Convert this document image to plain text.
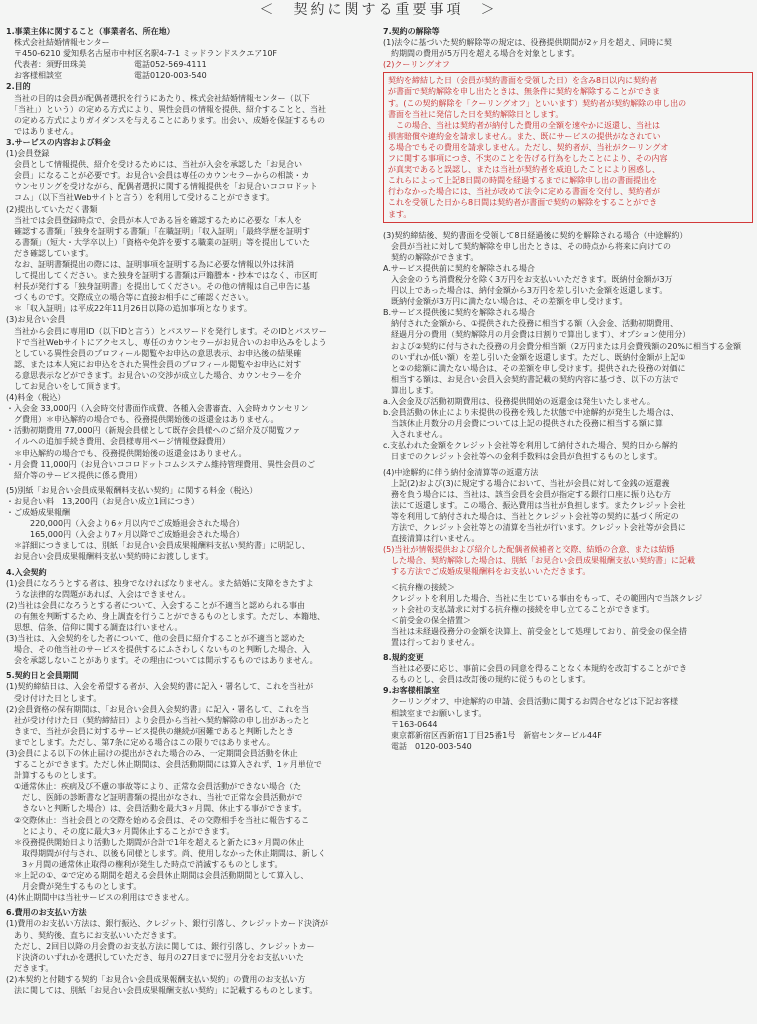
＜　契約に関する重要事項　＞
1.事業主体に関すること（事業者名、所在地）
　株式会社結婚情報センター
　〒450-6210 愛知県名古屋市中村区名駅4-7-1 ミッドランドスクエア10F
　代表者：須野田珠美　　　　　　電話052-569-4111
　お客様相談室　　　　　　　　　電話0120-003-540
2.目的
　当社の目的は会員が配偶者選択を行うにあたり、株式会社結婚情報センター（以下
　「当社」）という）の定める方式により、異性会員の情報を提供、紹介することと、当社
　の定める方式によりガイダンスを与えることにあります。出会い、成婚を保証するもの
　ではありません。
3.サービスの内容および料金
(1)会員登録
　会員として情報提供、紹介を受けるためには、当社が入会を承認した「お見合い
　会員」になることが必要です。お見合い会員は専任のカウンセラーからの相談・カ
　ウンセリングを受けながら、配偶者選択に関する情報提供を「お見合いココロドット
　コム」（以下当社Webサイトと言う）を利用して受けることができます。
(2)提出していただく書類
　当社では会員登録時点で、会員が本人である旨を確認するために必要な「本人を
　確認する書類」「独身を証明する書類」「在職証明」「収入証明」「最終学歴を証明す
　る書類」（短大・大学卒以上）「資格や免許を要する職業の証明」等を提出していた
　だき確認しています。
　なお、証明書類提出の際には、証明事項を証明する為に必要な情報以外は抹消
　して提出してください。また独身を証明する書類は戸籍謄本・抄本ではなく、市区町
　村長が発行する「独身証明書」を提出してください。その他の情報は自己申告に基
　づくものです。交際成立の場合等に直接お相手にご確認ください。
　＊「収入証明」は平成22年11月26日以降の追加事項となります。
(3)お見合い会員
　当社から会員に専用ID（以下IDと言う）とパスワードを発行します。そのIDとパスワー
　ドで当社Webサイトにアクセスし、専任のカウンセラーがお見合いのお申込みをしよう
　としている異性会員のプロフィール閲覧やお申込の意思表示、お申込後の結果確
　認、または本人宛にお申込をされた異性会員のプロフィール閲覧やお申込に対す
　る意思表示などができます。お見合いの交渉が成立した場合、カウンセラーを介
　してお見合いをして頂きます。
(4)料金（税込）
・入会金 33,000円（入会時交付書面作成費、各種入会書審査、入会時カウンセリン
　グ費用）＊申込解約の場合でも、役務提供開始後の返還金はありません。
・活動初期費用 77,000円（新規会員様として既存会員様へのご紹介及び閲覧ファ
　イルへの追加手続き費用、会員様専用ページ情報登録費用）
　＊申込解約の場合でも、役務提供開始後の返還金はありません。
・月会費 11,000円（お見合いココロドットコムシステム維持管理費用、異性会員のご
　紹介等のサービス提供に係る費用）
(5)別紙「お見合い会員成果報酬料支払い契約」に関する料金（税込）
・お見合い料　13,200円（お見合い成立1回につき）
・ご成婚成果報酬
　　　220,000円（入会より6ヶ月以内でご成婚退会された場合）
　　　165,000円（入会より7ヶ月以降でご成婚退会された場合）
　＊詳細につきましては、別紙「お見合い会員成果報酬料支払い契約書」に明記し、
　お見合い会員成果報酬料支払い契約時にお渡しします。
4.入会契約
(1)会員になろうとする者は、独身でなければなりません。また結婚に支障をきたすよ
　うな法律的な問題があれば、入会はできません。
(2)当社は会員になろうとする者について、入会することが不適当と認められる事由
　の有無を判断するため、身上調査を行うことができるものとします。ただし、本籍地、
　思想、信条、信仰に関する調査は行いません。
(3)当社は、入会契約をした者について、他の会員に紹介することが不適当と認めた
　場合、その他当社のサービスを提供するにふさわしくないものと判断した場合、入
　会を承認しないことがあります。その理由については開示するものではありません。
5.契約日と会員期間
(1)契約締結日は、入会を希望する者が、入会契約書に記入・署名して、これを当社が
　受け付けた日とします。
(2)会員資格の保有期間は、「お見合い会員入会契約書」に記入・署名して、これを当
　社が受け付けた日（契約締結日）より会員から当社へ契約解除の申し出があったと
　きまで、当社が会員に対するサービス提供の継続が困難であると判断したとき
　までとします。ただし、第7条に定める場合はこの限りではありません。
(3)会員による以下の休止届けの提出がされた場合のみ、一定期間会員活動を休止
　することができます。ただし休止期間は、会員活動期間には算入されず、1ヶ月単位で
　計算するものとします。
　①通常休止：疾病及び不慮の事故等により、正常な会員活動ができない場合（た
　　だし、医師の診断書など証明書類の提出がなされ、当社で正常な会員活動がで
　　きないと判断した場合）は、会員活動を最大3ヶ月間、休止する事ができます。
　②交際休止：当社会員との交際を始める会員は、その交際相手を当社に報告するこ
　　とにより、その度に最大3ヶ月間休止することができます。
　＊役務提供開始日より活動した期間が合計で1年を超えると新たに3ヶ月間の休止
　　取得期間が付与され、以後も同様とします。尚、使用しなかった休止期間は、新しく
　　3ヶ月間の通常休止取得の権利が発生した時点で消滅するものとします。
　＊上記の①、②で定める期間を超える会員休止期間は会員活動期間として算入し、
　　月会費が発生するものとします。
(4)休止期間中は当社サービスの利用はできません。
6.費用のお支払い方法
(1)費用のお支払い方法は、銀行振込、クレジット、銀行引落し、クレジットカード決済が
　あり、契約後、直ちにお支払いいただきます。
　ただし、2回目以降の月会費のお支払方法に関しては、銀行引落し、クレジットカー
　ド決済のいずれかを選択していただき、毎月の27日までに翌月分をお支払いいた
　だきます。
(2)本契約と付随する契約「お見合い会員成果報酬支払い契約」の費用のお支払い方
　法に関しては、別紙「お見合い会員成果報酬支払い契約」に記載するものとします。
7.契約の解除等
(1)法令に基づいた契約解除等の規定は、役務提供期間が2ヶ月を超え、同時に契
　約期間の費用が5万円を超える場合を対象とします。
(2)クーリングオフ
契約を締結した日（会員が契約書面を受領した日）を含み8日以内に契約者
が書面で契約解除を申し出たときは、無条件に契約を解除することができま
す。(この契約解除を「クーリングオフ」といいます）契約者が契約解除の申し出の
書面を当社に発信した日を契約解除日とします。
　この場合、当社は契約者が納付した費用の全額を速やかに返還し、当社は
損害賠償や違約金を請求しません。また、既にサービスの提供がなされてい
る場合でもその費用を請求しません。ただし、契約者が、当社がクーリングオ
フに関する事項につき、不実のことを告げる行為をしたことにより、その内容
が真実であると誤認し、または当社が契約者を威迫したことにより困惑し、
これらによって上記8日間の時間を経過するまでに解除申し出の書面提出を
行わなかった場合には、当社が改めて法令に定める書面を交付し、契約者が
これを受領した日から8日間は契約者が書面で契約の解除をすることができ
ます。
(3)契約締結後、契約書面を受領して8日経過後に契約を解除される場合（中途解約）
　会員が当社に対して契約解除を申し出たときは、その時点から将来に向けての
　契約の解除ができます。
A.サービス提供前に契約を解除される場合
　入会金のうち消費税分を除く3万円をお支払いいただきます。既納付金額が3万
　円以上であった場合は、納付金額から3万円を差し引いた金額を返還します。
　既納付金額が3万円に満たない場合は、その差額を申し受けます。
B.サービス提供後に契約を解除される場合
　納付された金額から、①提供された役務に相当する額（入会金、活動初期費用、
　経過月分の費用（契約解除月の月会費は日割りで算出します）、オプション使用分）
　および②契約に付与された役務の月会費分相当額（2万円または月会費残額の20%に相当する金額
　のいずれか低い額）を差し引いた金額を返還します。ただし、既納付金額が上記①
　と②の総額に満たない場合は、その差額を申し受けます。提供された役務の対価に
　相当する額は、お見合い会員入会契約書記載の契約内容に基づき、以下の方法で
　算出します。
a.入会金及び活動初期費用は、役務提供開始の返還金は発生いたしません。
b.会員活動の休止により未提供の役務を残した状態で中途解約が発生した場合は、
　当該休止月数分の月会費については上記の提供された役務に相当する額に算
　入されません。
c.支払われた金額をクレジット会社等を利用して納付された場合、契約日から解約
　日までのクレジット会社等への金利手数料は会員が負担するものとします。
(4)中途解約に伴う納付金清算等の返還方法
　上記(2)および(3)に規定する場合において、当社が会員に対して金銭の返還義
　務を負う場合には、当社は、該当会員を会員が指定する銀行口座に振り込む方
　法にて返還します。この場合、振込費用は当社が負担します。またクレジット会社
　等を利用して納付された場合は、当社とクレジット会社等の契約に基づく所定の
　方法で、クレジット会社等との清算を当社が行います。クレジット会社等が会員に
　直接清算は行いません。
(5)当社が情報提供および紹介した配偶者候補者と交際、結婚の合意、または結婚
　した場合、契約解除した場合は、別紙「お見合い会員成果報酬支払い契約書」に記載
　する方法でご成婚成果報酬料をお支払いいただきます。
　＜抗弁権の接続＞
　クレジットを利用した場合、当社に生じている事由をもって、その範囲内で当該クレジ
　ット会社の支払請求に対する抗弁権の接続を申し立てることができます。
　＜前受金の保全措置＞
　当社は未経過役務分の金額を決算上、前受金として処理しており、前受金の保全措
　置は行っておりません。
8.規約変更
　当社は必要に応じ、事前に会員の同意を得ることなく本規約を改訂することができ
　るものとし、会員は改訂後の規約に従うものとします。
9.お客様相談室
　クーリングオフ、中途解約の申請、会員活動に関するお問合せなどは下記お客様
　相談室までお願いします。
　〒163-0644
　東京都新宿区西新宿1丁目25番1号　新宿センタービル44F
　電話　0120-003-540
